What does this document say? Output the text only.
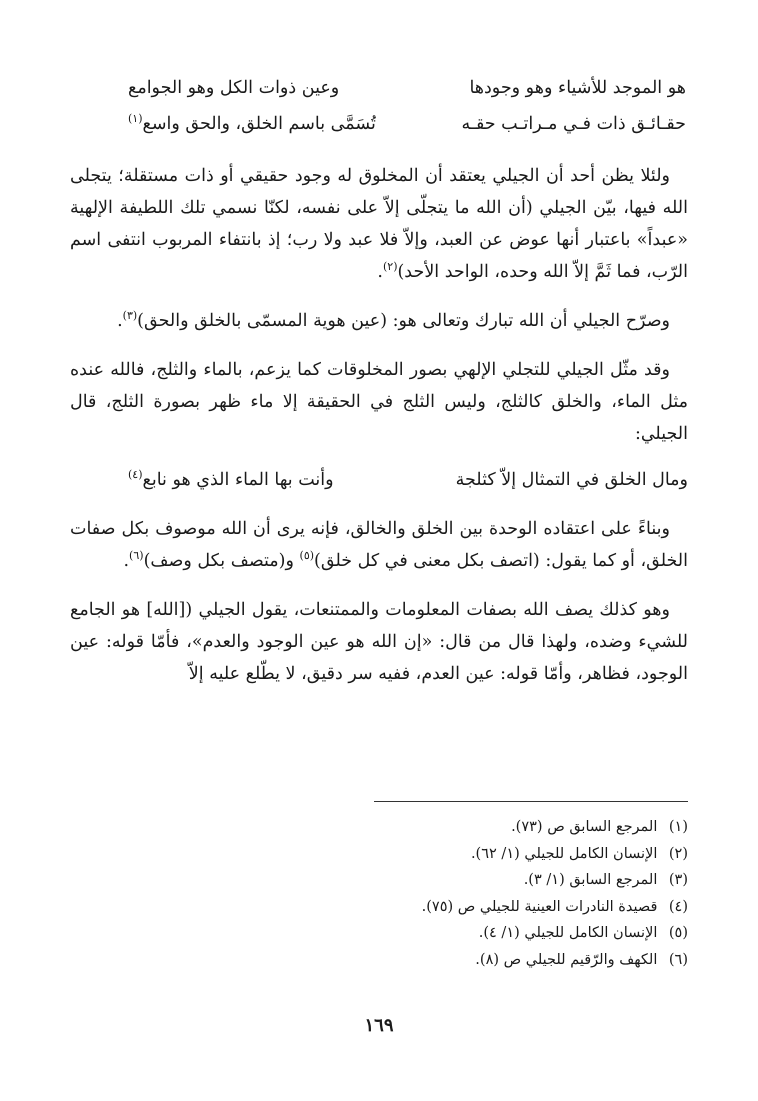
هو الموجد للأشياء وهو وجودها
وعين ذوات الكل وهو الجوامع
حقـائـق ذات فـي مـراتـب حقـه
تُسَمَّى باسم الخلق، والحق واسع$^{(١)}$

ولئلا يظن أحد أن الجيلي يعتقد أن المخلوق له وجود حقيقي أو ذات مستقلة؛ يتجلى الله فيها، بيّن الجيلي (أن الله ما يتجلّى إلاّ على نفسه، لكنّا نسمي تلك اللطيفة الإلهية «عبداً» باعتبار أنها عوض عن العبد، وإلاّ فلا عبد ولا رب؛ إذ بانتفاء المربوب انتفى اسم الرّب، فما ثَمَّ إلاّ الله وحده، الواحد الأحد)$^{(٢)}$.

وصرّح الجيلي أن الله تبارك وتعالى هو: (عين هوية المسمّى بالخلق والحق)$^{(٣)}$.

وقد مثّل الجيلي للتجلي الإلهي بصور المخلوقات كما يزعم، بالماء والثلج، فالله عنده مثل الماء، والخلق كالثلج، وليس الثلج في الحقيقة إلا ماء ظهر بصورة الثلج، قال الجيلي:

ومال الخلق في التمثال إلاّ كثلجة
وأنت بها الماء الذي هو نابع$^{(٤)}$

وبناءً على اعتقاده الوحدة بين الخلق والخالق، فإنه يرى أن الله موصوف بكل صفات الخلق، أو كما يقول: (اتصف بكل معنى في كل خلق)$^{(٥)}$ و(متصف بكل وصف)$^{(٦)}$.

وهو كذلك يصف الله بصفات المعلومات والممتنعات، يقول الجيلي ([الله] هو الجامع للشيء وضده، ولهذا قال من قال: «إن الله هو عين الوجود والعدم»، فأمّا قوله: عين الوجود، فظاهر، وأمّا قوله: عين العدم، ففيه سر دقيق، لا يطّلع عليه إلاّ

(١) المرجع السابق ص (٧٣).
(٢) الإنسان الكامل للجيلي (١/ ٦٢).
(٣) المرجع السابق (١/ ٣).
(٤) قصيدة النادرات العينية للجيلي ص (٧٥).
(٥) الإنسان الكامل للجيلي (١/ ٤).
(٦) الكهف والرّقيم للجيلي ص (٨).
١٦٩
